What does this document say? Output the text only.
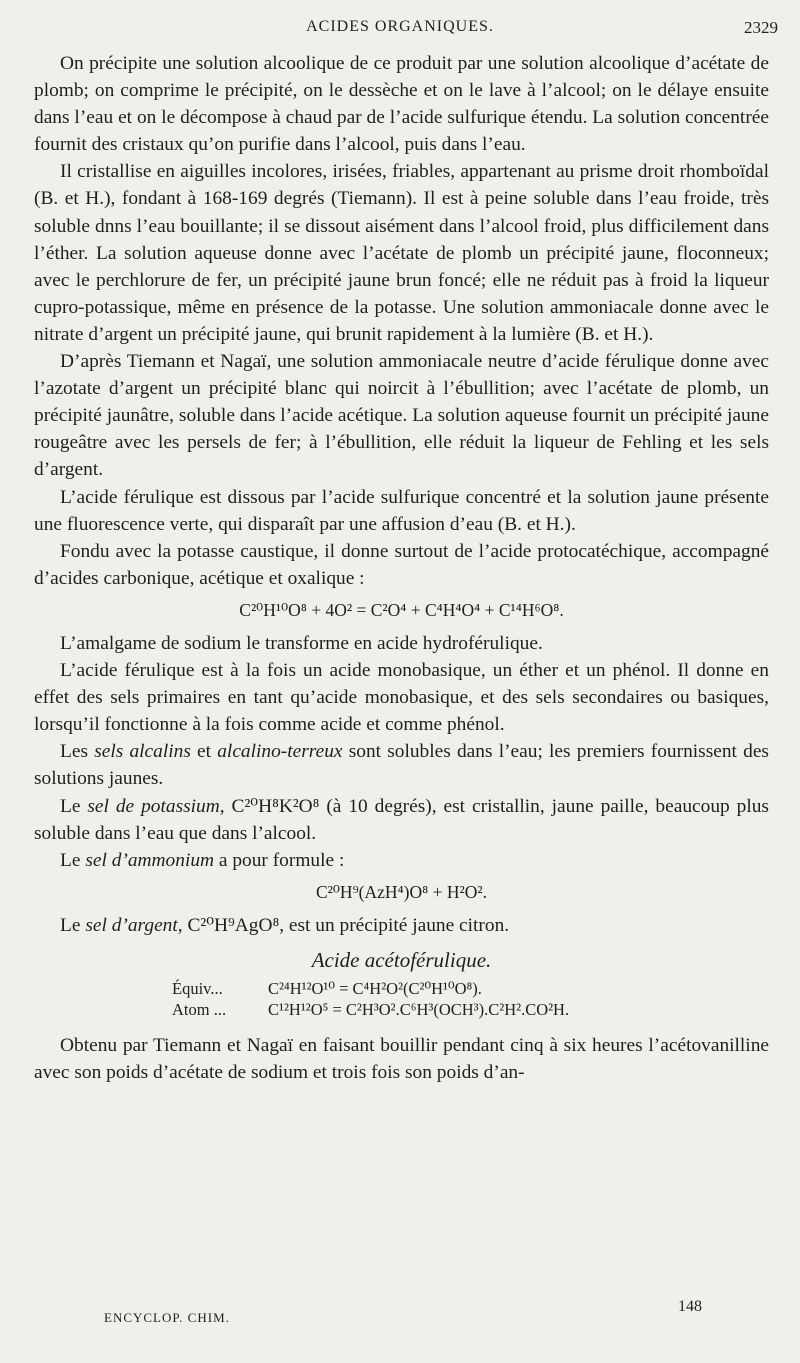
ACIDES ORGANIQUES.	2329

On précipite une solution alcoolique de ce produit par une solution alcoolique d’acétate de plomb; on comprime le précipité, on le dessèche et on le lave à l’alcool; on le délaye ensuite dans l’eau et on le décompose à chaud par de l’acide sulfurique étendu. La solution concentrée fournit des cristaux qu’on purifie dans l’alcool, puis dans l’eau.

Il cristallise en aiguilles incolores, irisées, friables, appartenant au prisme droit rhomboïdal (B. et H.), fondant à 168-169 degrés (Tiemann). Il est à peine soluble dans l’eau froide, très soluble dnns l’eau bouillante; il se dissout aisément dans l’alcool froid, plus difficilement dans l’éther. La solution aqueuse donne avec l’acétate de plomb un précipité jaune, floconneux; avec le perchlorure de fer, un précipité jaune brun foncé; elle ne réduit pas à froid la liqueur cupro-potassique, même en présence de la potasse. Une solution ammoniacale donne avec le nitrate d’argent un précipité jaune, qui brunit rapidement à la lumière (B. et H.).

D’après Tiemann et Nagaï, une solution ammoniacale neutre d’acide férulique donne avec l’azotate d’argent un précipité blanc qui noircit à l’ébullition; avec l’acétate de plomb, un précipité jaunâtre, soluble dans l’acide acétique. La solution aqueuse fournit un précipité jaune rougeâtre avec les persels de fer; à l’ébullition, elle réduit la liqueur de Fehling et les sels d’argent.

L’acide férulique est dissous par l’acide sulfurique concentré et la solution jaune présente une fluorescence verte, qui disparaît par une affusion d’eau (B. et H.).

Fondu avec la potasse caustique, il donne surtout de l’acide protocatéchique, accompagné d’acides carbonique, acétique et oxalique :

C²⁰H¹⁰O⁸ + 4O² = C²O⁴ + C⁴H⁴O⁴ + C¹⁴H⁶O⁸.

L’amalgame de sodium le transforme en acide hydroférulique.

L’acide férulique est à la fois un acide monobasique, un éther et un phénol. Il donne en effet des sels primaires en tant qu’acide monobasique, et des sels secondaires ou basiques, lorsqu’il fonctionne à la fois comme acide et comme phénol.

Les sels alcalins et alcalino-terreux sont solubles dans l’eau; les premiers fournissent des solutions jaunes.

Le sel de potassium, C²⁰H⁸K²O⁸ (à 10 degrés), est cristallin, jaune paille, beaucoup plus soluble dans l’eau que dans l’alcool.

Le sel d’ammonium a pour formule :

C²⁰H⁹(AzH⁴)O⁸ + H²O².

Le sel d’argent, C²⁰H⁹AgO⁸, est un précipité jaune citron.

Acide acétoférulique.
Équiv...	C²⁴H¹²O¹⁰ = C⁴H²O²(C²⁰H¹⁰O⁸).
Atom ...	C¹²H¹²O⁵ = C²H³O².C⁶H³(OCH³).C²H².CO²H.

Obtenu par Tiemann et Nagaï en faisant bouillir pendant cinq à six heures l’acétovanilline avec son poids d’acétate de sodium et trois fois son poids d’an-

ENCYCLOP. CHIM.
148
